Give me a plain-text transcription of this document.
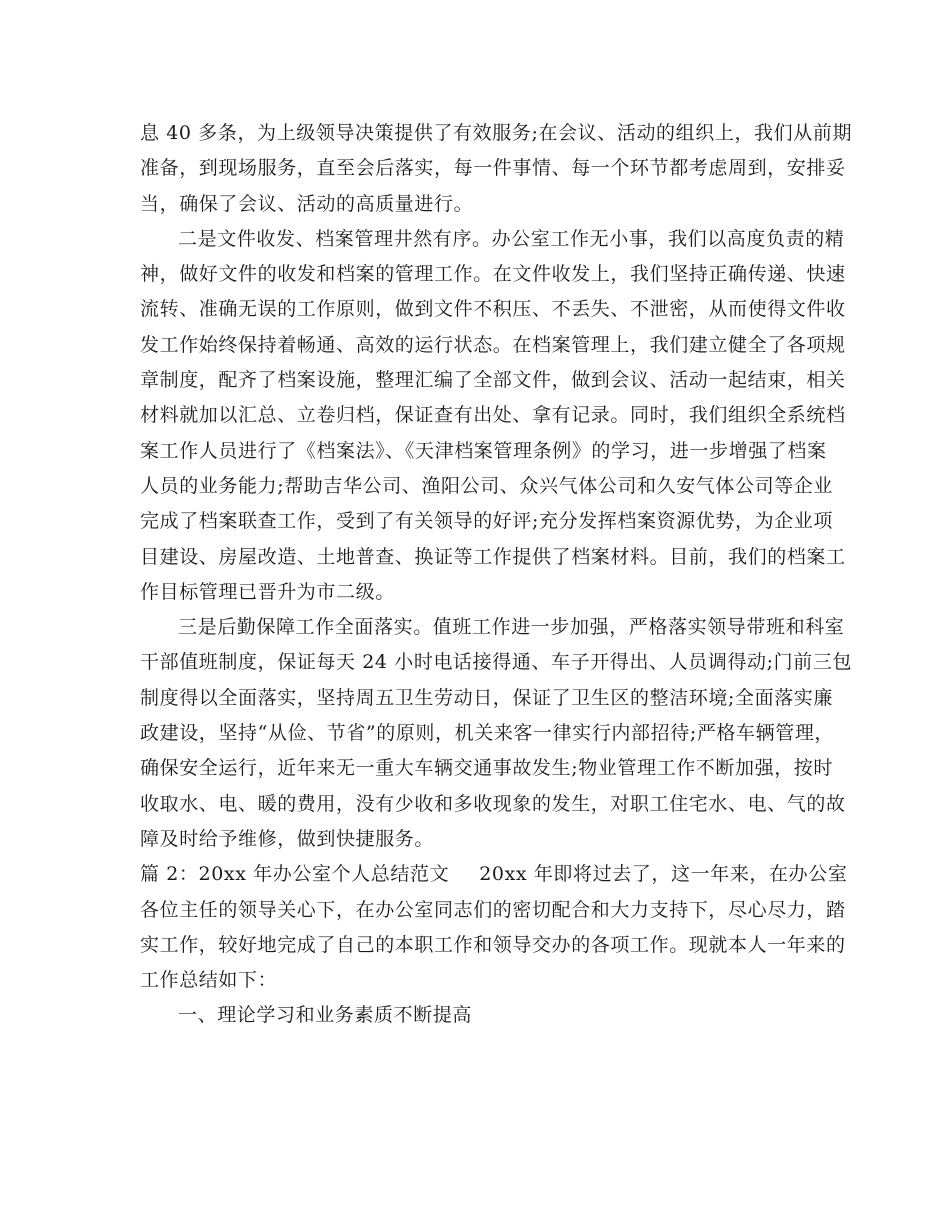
息 40 多条，为上级领导决策提供了有效服务;在会议、活动的组织上，我们从前期
准备，到现场服务，直至会后落实，每一件事情、每一个环节都考虑周到，安排妥
当，确保了会议、活动的高质量进行。
二是文件收发、档案管理井然有序。办公室工作无小事，我们以高度负责的精
神，做好文件的收发和档案的管理工作。在文件收发上，我们坚持正确传递、快速
流转、准确无误的工作原则，做到文件不积压、不丢失、不泄密，从而使得文件收
发工作始终保持着畅通、高效的运行状态。在档案管理上，我们建立健全了各项规
章制度，配齐了档案设施，整理汇编了全部文件，做到会议、活动一起结束，相关
材料就加以汇总、立卷归档，保证查有出处、拿有记录。同时，我们组织全系统档
案工作人员进行了《档案法》、《天津档案管理条例》的学习，进一步增强了档案
人员的业务能力;帮助吉华公司、渔阳公司、众兴气体公司和久安气体公司等企业
完成了档案联查工作，受到了有关领导的好评;充分发挥档案资源优势，为企业项
目建设、房屋改造、土地普查、换证等工作提供了档案材料。目前，我们的档案工
作目标管理已晋升为市二级。
三是后勤保障工作全面落实。值班工作进一步加强，严格落实领导带班和科室
干部值班制度，保证每天 24 小时电话接得通、车子开得出、人员调得动;门前三包
制度得以全面落实，坚持周五卫生劳动日，保证了卫生区的整洁环境;全面落实廉
政建设，坚持“从俭、节省”的原则，机关来客一律实行内部招待;严格车辆管理，
确保安全运行，近年来无一重大车辆交通事故发生;物业管理工作不断加强，按时
收取水、电、暖的费用，没有少收和多收现象的发生，对职工住宅水、电、气的故
障及时给予维修，做到快捷服务。
篇 2：20xx 年办公室个人总结范文 20xx 年即将过去了，这一年来，在办公室
各位主任的领导关心下，在办公室同志们的密切配合和大力支持下，尽心尽力，踏
实工作，较好地完成了自己的本职工作和领导交办的各项工作。现就本人一年来的
工作总结如下：
一、理论学习和业务素质不断提高
